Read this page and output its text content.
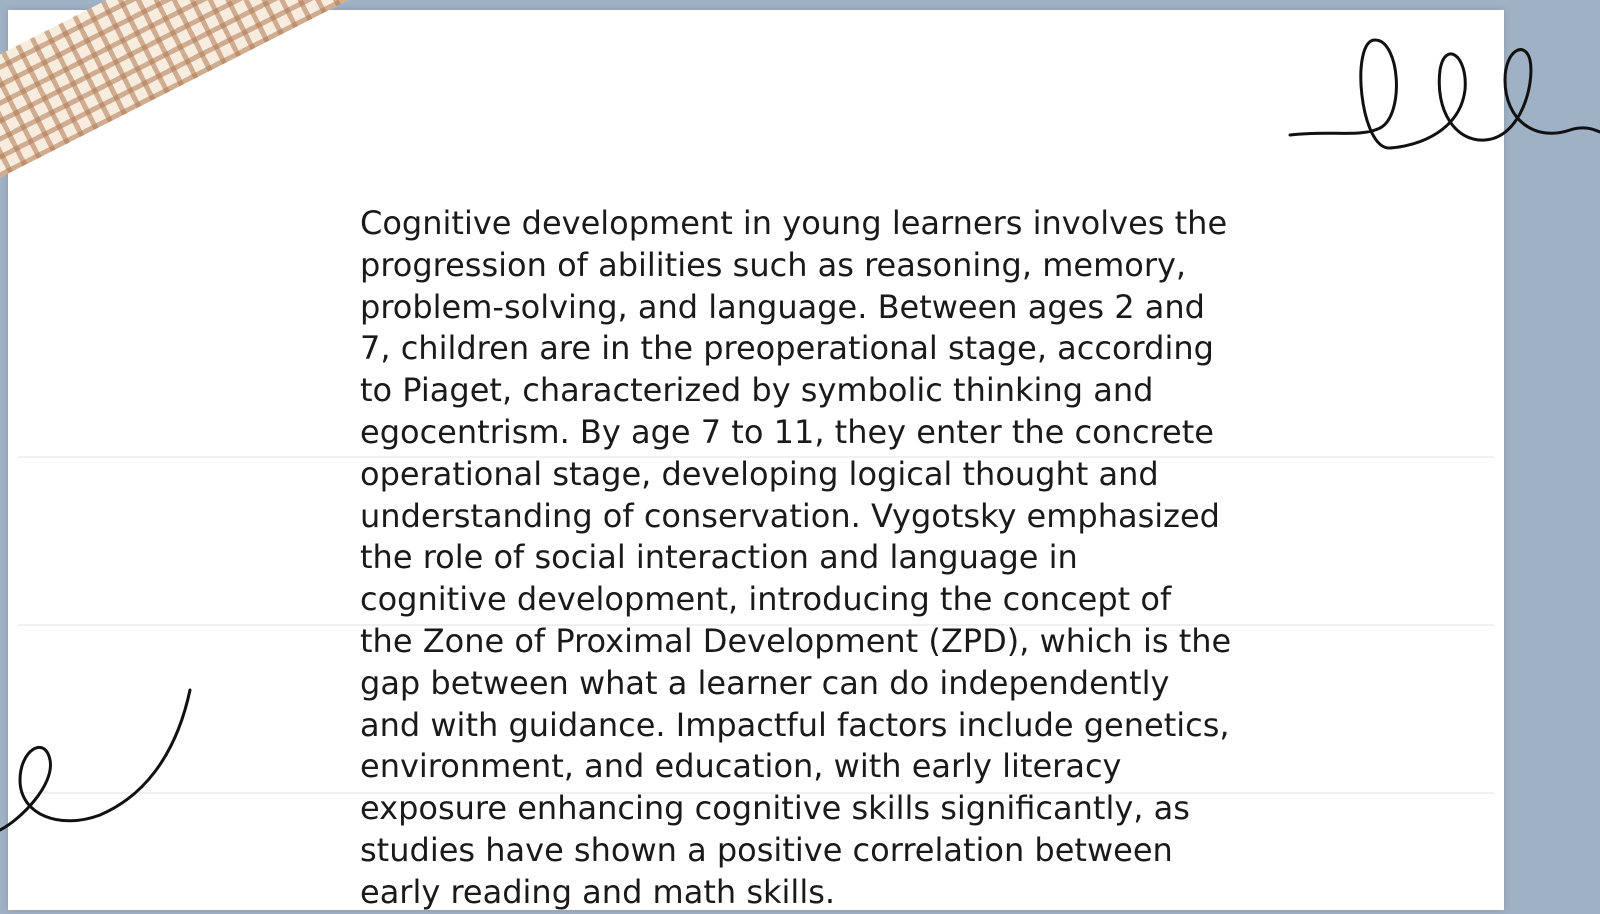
Cognitive development in young learners involves the
progression of abilities such as reasoning, memory,
problem-solving, and language. Between ages 2 and
7, children are in the preoperational stage, according
to Piaget, characterized by symbolic thinking and
egocentrism. By age 7 to 11, they enter the concrete
operational stage, developing logical thought and
understanding of conservation. Vygotsky emphasized
the role of social interaction and language in
cognitive development, introducing the concept of
the Zone of Proximal Development (ZPD), which is the
gap between what a learner can do independently
and with guidance. Impactful factors include genetics,
environment, and education, with early literacy
exposure enhancing cognitive skills significantly, as
studies have shown a positive correlation between
early reading and math skills.
